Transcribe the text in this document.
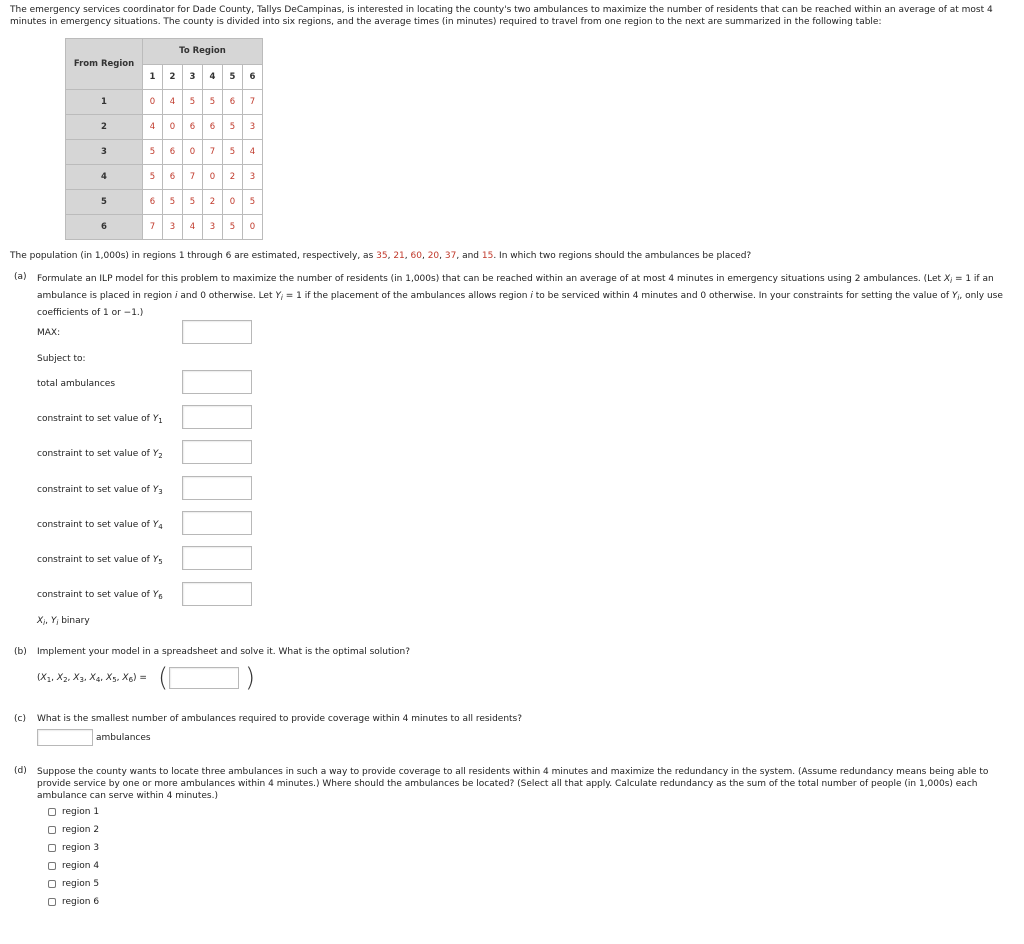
The emergency services coordinator for Dade County, Tallys DeCampinas, is interested in locating the county's two ambulances to maximize the number of residents that can be reached within an average of at most 4 minutes in emergency situations. The county is divided into six regions, and the average times (in minutes) required to travel from one region to the next are summarized in the following table:
From Region	To Region					
	1	2	3	4	5	6
1	0	4	5	5	6	7
2	4	0	6	6	5	3
3	5	6	0	7	5	4
4	5	6	7	0	2	3
5	6	5	5	2	0	5
6	7	3	4	3	5	0
The population (in 1,000s) in regions 1 through 6 are estimated, respectively, as 35, 21, 60, 20, 37, and 15. In which two regions should the ambulances be placed?
(a) Formulate an ILP model for this problem to maximize the number of residents (in 1,000s) that can be reached within an average of at most 4 minutes in emergency situations using 2 ambulances. (Let $X_i = 1$ if an ambulance is placed in region i and 0 otherwise. Let $Y_i = 1$ if the placement of the ambulances allows region i to be serviced within 4 minutes and 0 otherwise. In your constraints for setting the value of $Y_i$, only use coefficients of 1 or −1.)
MAX:
Subject to:
total ambulances
constraint to set value of $Y_1$
constraint to set value of $Y_2$
constraint to set value of $Y_3$
constraint to set value of $Y_4$
constraint to set value of $Y_5$
constraint to set value of $Y_6$
$X_i$, $Y_i$ binary
(b) Implement your model in a spreadsheet and solve it. What is the optimal solution?
($X_1$, $X_2$, $X_3$, $X_4$, $X_5$, $X_6$) = (	)
(c) What is the smallest number of ambulances required to provide coverage within 4 minutes to all residents?
ambulances
(d) Suppose the county wants to locate three ambulances in such a way to provide coverage to all residents within 4 minutes and maximize the redundancy in the system. (Assume redundancy means being able to
provide service by one or more ambulances within 4 minutes.) Where should the ambulances be located? (Select all that apply. Calculate redundancy as the sum of the total number of people (in 1,000s) each
ambulance can serve within 4 minutes.)
region 1
region 2
region 3
region 4
region 5
region 6
